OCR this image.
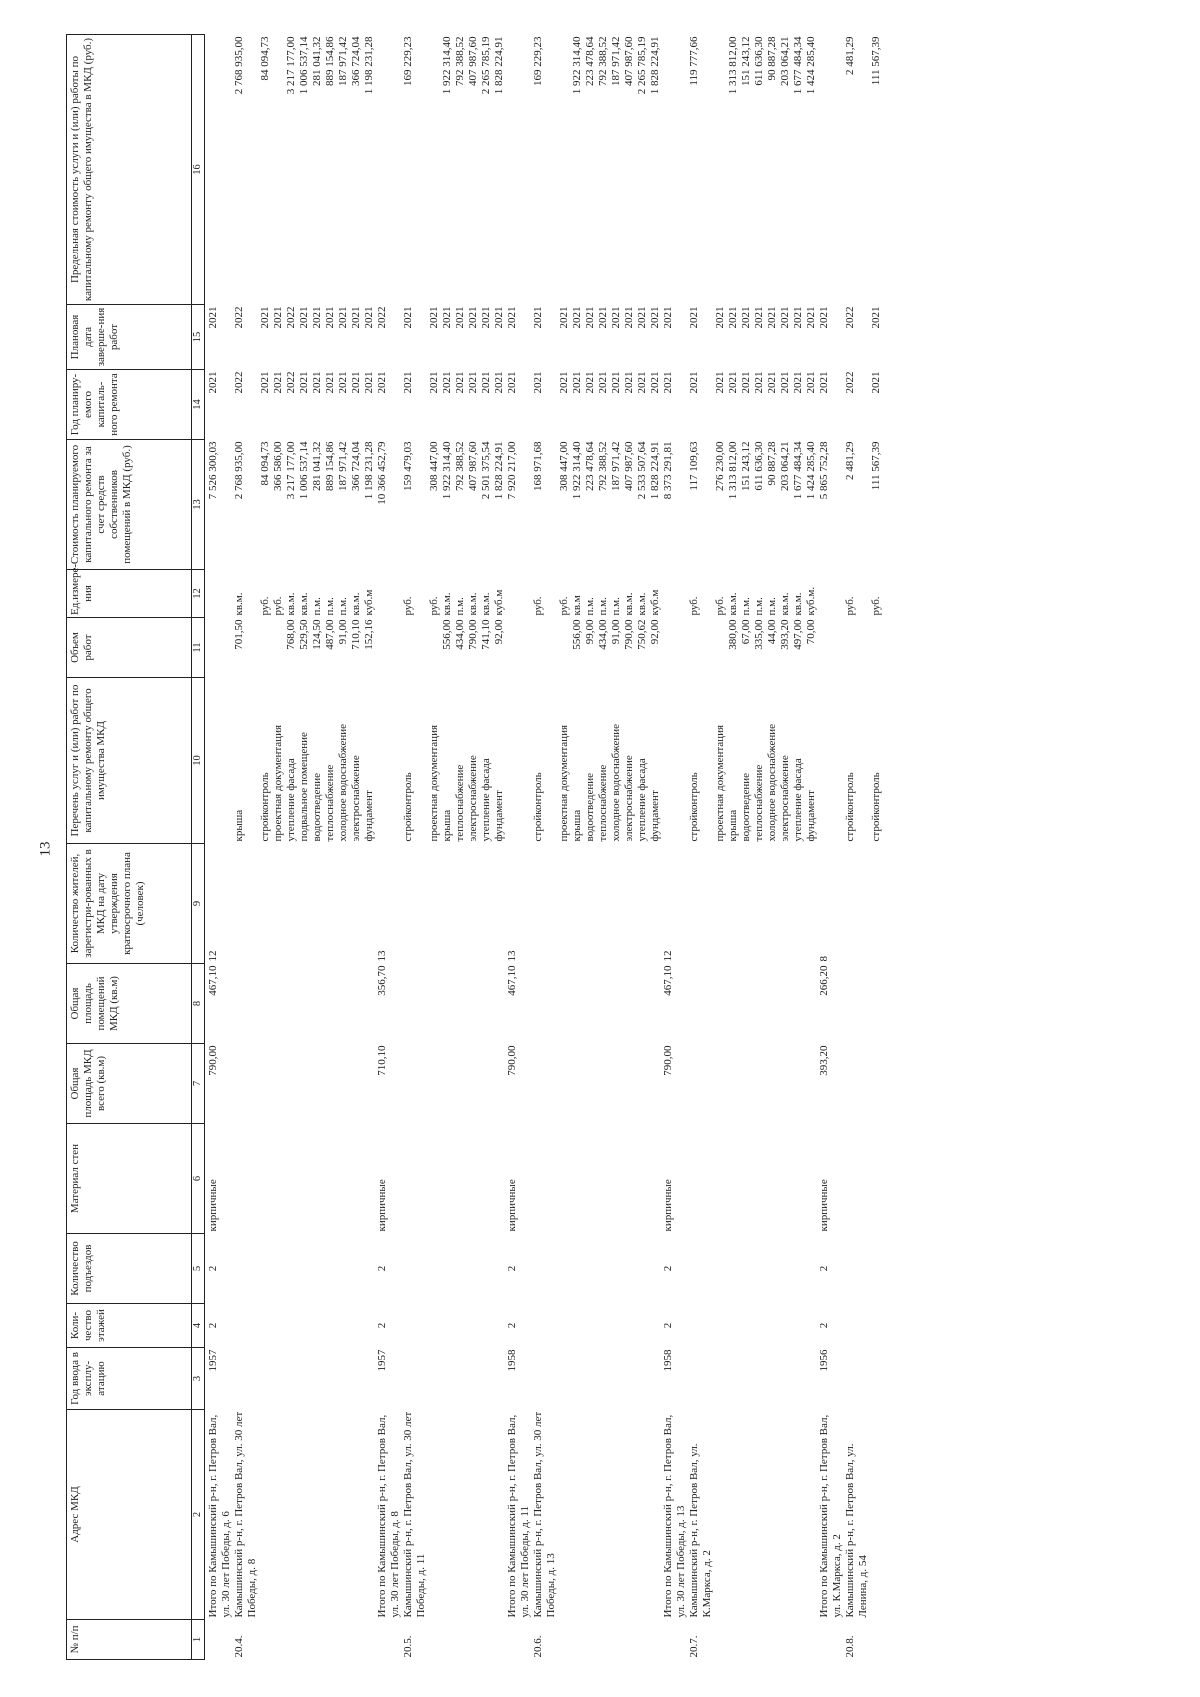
13
№ п/п	Адрес МКД	Год ввода в эксплу-атацию	Коли-чество этажей	Количество подъездов	Материал стен	Общая площадь МКД всего (кв.м)	Общая площадь помещений МКД (кв.м)	Количество жителей, зарегистри-рованных в МКД на дату утверждения краткосрочного плана (человек)	Перечень услуг и (или) работ по капитальному ремонту общего имущества МКД	Объем работ	Ед.измере-ния	Стоимость планируемого капитального ремонта за счет средств собственников помещений в МКД (руб.)	Год планиру-емого капиталь-ного ремонта	Плановая дата заверше-ния работ	Предельная стоимость услуги и (или) работы по капитальному ремонту общего имущества в МКД (руб.)
1	2	3	4	5	6	7	8	9	10	11	12	13	14	15	16
	Итого по Камышинский р-н, г. Петров Вал, ул. 30 лет Победы, д. 6	1957	2	2	кирпичные	790,00	467,10	12				7 526 300,03	2021	2021	
20.4.	Камышинский р-н, г. Петров Вал, ул. 30 лет Победы, д. 8								крыша	701,50	кв.м.	2 768 935,00	2022	2022	2 768 935,00
									стройконтроль		руб.	84 094,73	2021	2021	84 094,73
									проектная документация		руб.	366 586,00	2021	2021	
									утепление фасада	768,00	кв.м.	3 217 177,00	2022	2022	3 217 177,00
									подвальное помещение	529,50	кв.м.	1 006 537,14	2021	2021	1 006 537,14
									водоотведение	124,50	п.м.	281 041,32	2021	2021	281 041,32
									теплоснабжение	487,00	п.м.	889 154,86	2021	2021	889 154,86
									холодное водоснабжение	91,00	п.м.	187 971,42	2021	2021	187 971,42
									электроснабжение	710,10	кв.м.	366 724,04	2021	2021	366 724,04
									фундамент	152,16	куб.м	1 198 231,28	2021	2021	1 198 231,28
	Итого по Камышинский р-н, г. Петров Вал, ул. 30 лет Победы, д. 8	1957	2	2	кирпичные	710,10	356,70	13				10 366 452,79	2021	2022	
20.5.	Камышинский р-н, г. Петров Вал, ул. 30 лет Победы, д. 11								стройконтроль		руб.	159 479,03	2021	2021	169 229,23
									проектная документация		руб.	308 447,00	2021	2021	
									крыша	556,00	кв.м.	1 922 314,40	2021	2021	1 922 314,40
									теплоснабжение	434,00	п.м.	792 388,52	2021	2021	792 388,52
									электроснабжение	790,00	кв.м.	407 987,60	2021	2021	407 987,60
									утепление фасада	741,10	кв.м.	2 501 375,54	2021	2021	2 265 785,19
									фундамент	92,00	куб.м	1 828 224,91	2021	2021	1 828 224,91
	Итого по Камышинский р-н, г. Петров Вал, ул. 30 лет Победы, д. 11	1958	2	2	кирпичные	790,00	467,10	13				7 920 217,00	2021	2021	
20.6.	Камышинский р-н, г. Петров Вал, ул. 30 лет Победы, д. 13								стройконтроль		руб.	168 971,68	2021	2021	169 229,23
									проектная документация		руб.	308 447,00	2021	2021	
									крыша	556,00	кв.м	1 922 314,40	2021	2021	1 922 314,40
									водоотведение	99,00	п.м.	223 478,64	2021	2021	223 478,64
									теплоснабжение	434,00	п.м.	792 388,52	2021	2021	792 388,52
									холодное водоснабжение	91,00	п.м.	187 971,42	2021	2021	187 971,42
									электроснабжение	790,00	кв.м.	407 987,60	2021	2021	407 987,60
									утепление фасада	750,62	кв.м.	2 533 507,64	2021	2021	2 265 785,19
									фундамент	92,00	куб.м	1 828 224,91	2021	2021	1 828 224,91
	Итого по Камышинский р-н, г. Петров Вал, ул. 30 лет Победы, д. 13	1958	2	2	кирпичные	790,00	467,10	12				8 373 291,81	2021	2021	
20.7.	Камышинский р-н, г. Петров Вал, ул. К.Маркса, д. 2								стройконтроль		руб.	117 109,63	2021	2021	119 777,66
									проектная документация		руб.	276 230,00	2021	2021	
									крыша	380,00	кв.м.	1 313 812,00	2021	2021	1 313 812,00
									водоотведение	67,00	п.м.	151 243,12	2021	2021	151 243,12
									теплоснабжение	335,00	п.м.	611 636,30	2021	2021	611 636,30
									холодное водоснабжение	44,00	п.м.	90 887,28	2021	2021	90 887,28
									электроснабжение	393,20	кв.м.	203 064,21	2021	2021	203 064,21
									утепление фасада	497,00	кв.м.	1 677 484,34	2021	2021	1 677 484,34
									фундамент	70,00	куб.м.	1 424 285,40	2021	2021	1 424 285,40
	Итого по Камышинский р-н, г. Петров Вал, ул. К.Маркса, д. 2	1956	2	2	кирпичные	393,20	266,20	8				5 865 752,28	2021	2021	
20.8.	Камышинский р-н, г. Петров Вал, ул. Ленина, д. 54								стройконтроль		руб.	2 481,29	2022	2022	2 481,29
									стройконтроль		руб.	111 567,39	2021	2021	111 567,39
